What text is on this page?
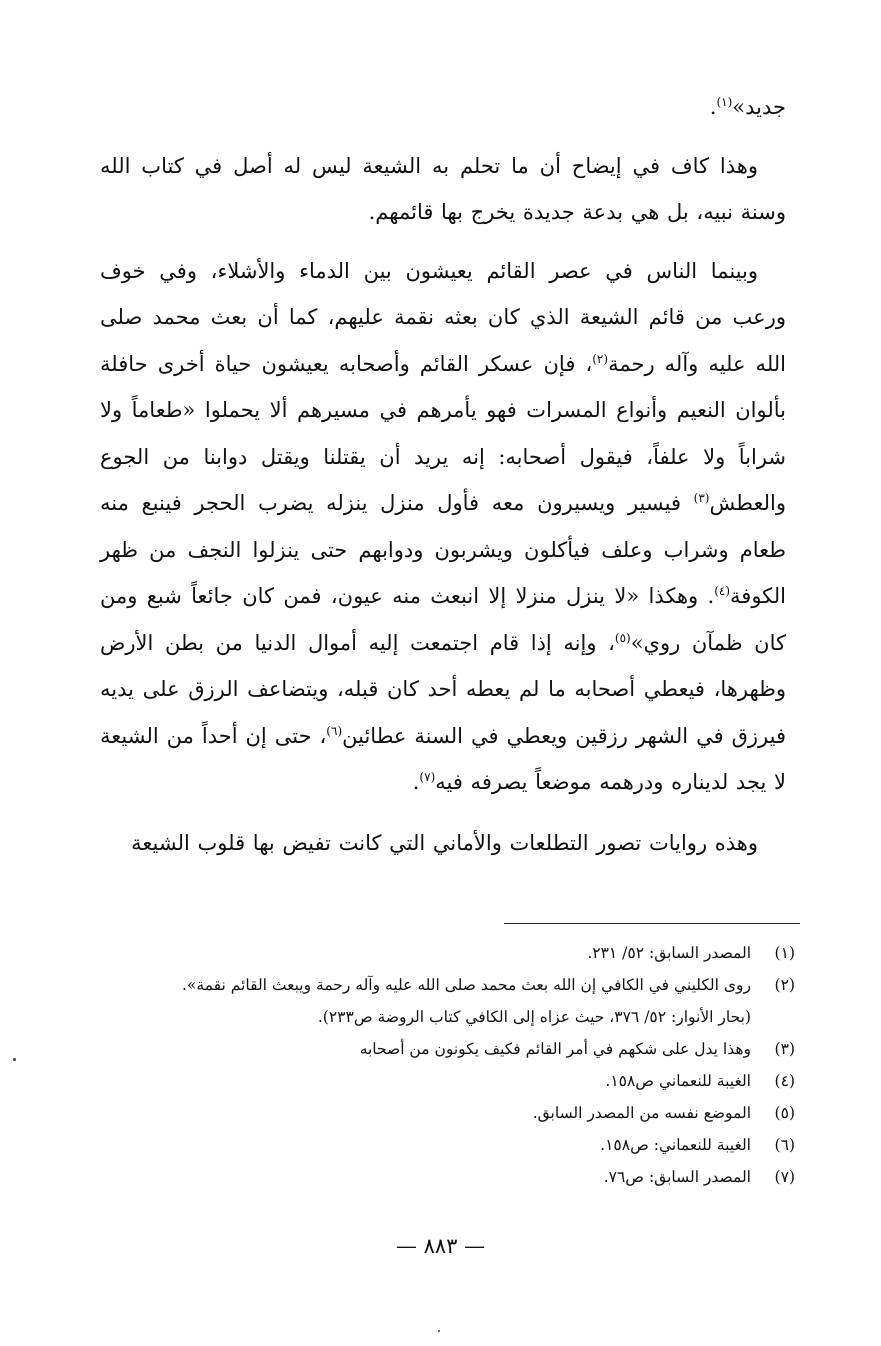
جديد»$^{(١)}$.

وهذا كاف في إيضاح أن ما تحلم به الشيعة ليس له أصل في كتاب الله وسنة نبيه، بل هي بدعة جديدة يخرج بها قائمهم.

وبينما الناس في عصر القائم يعيشون بين الدماء والأشلاء، وفي خوف ورعب من قائم الشيعة الذي كان بعثه نقمة عليهم، كما أن بعث محمد صلى الله عليه وآله رحمة$^{(٢)}$، فإن عسكر القائم وأصحابه يعيشون حياة أخرى حافلة بألوان النعيم وأنواع المسرات فهو يأمرهم في مسيرهم ألا يحملوا «طعاماً ولا شراباً ولا علفاً، فيقول أصحابه: إنه يريد أن يقتلنا ويقتل دوابنا من الجوع والعطش$^{(٣)}$ فيسير ويسيرون معه فأول منزل ينزله يضرب الحجر فينبع منه طعام وشراب وعلف فيأكلون ويشربون ودوابهم حتى ينزلوا النجف من ظهر الكوفة$^{(٤)}$. وهكذا «لا ينزل منزلا إلا انبعث منه عيون، فمن كان جائعاً شبع ومن كان ظمآن روي»$^{(٥)}$، وإنه إذا قام اجتمعت إليه أموال الدنيا من بطن الأرض وظهرها، فيعطي أصحابه ما لم يعطه أحد كان قبله، ويتضاعف الرزق على يديه فيرزق في الشهر رزقين ويعطي في السنة عطائين$^{(٦)}$، حتى إن أحداً من الشيعة لا يجد لديناره ودرهمه موضعاً يصرفه فيه$^{(٧)}$.

وهذه روايات تصور التطلعات والأماني التي كانت تفيض بها قلوب الشيعة

(١)
المصدر السابق: ٥٢/ ٢٣١.
(٢)
روى الكليني في الكافي إن الله بعث محمد صلى الله عليه وآله رحمة ويبعث القائم نقمة».
(بحار الأنوار: ٥٢/ ٣٧٦، حيث عزاه إلى الكافي كتاب الروضة ص٢٣٣).
(٣)
وهذا يدل على شكهم في أمر القائم فكيف يكونون من أصحابه
(٤)
الغيبة للنعماني ص١٥٨.
(٥)
الموضع نفسه من المصدر السابق.
(٦)
الغيبة للنعماني: ص١٥٨.
(٧)
المصدر السابق: ص٧٦.
— ٨٨٣ —
